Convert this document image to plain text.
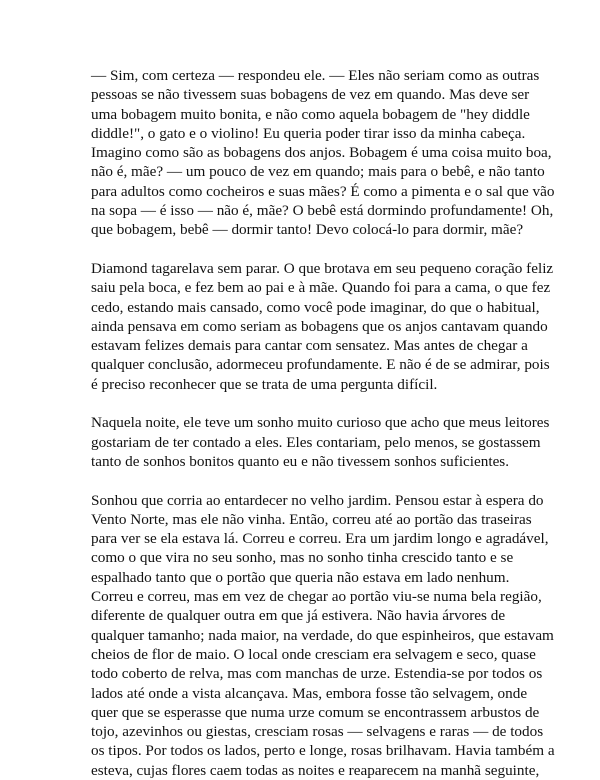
— Sim, com certeza — respondeu ele. — Eles não seriam como as outras
pessoas se não tivessem suas bobagens de vez em quando. Mas deve ser
uma bobagem muito bonita, e não como aquela bobagem de "hey diddle
diddle!", o gato e o violino! Eu queria poder tirar isso da minha cabeça.
Imagino como são as bobagens dos anjos. Bobagem é uma coisa muito boa,
não é, mãe? — um pouco de vez em quando; mais para o bebê, e não tanto
para adultos como cocheiros e suas mães? É como a pimenta e o sal que vão
na sopa — é isso — não é, mãe? O bebê está dormindo profundamente! Oh,
que bobagem, bebê — dormir tanto! Devo colocá-lo para dormir, mãe?

Diamond tagarelava sem parar. O que brotava em seu pequeno coração feliz
saiu pela boca, e fez bem ao pai e à mãe. Quando foi para a cama, o que fez
cedo, estando mais cansado, como você pode imaginar, do que o habitual,
ainda pensava em como seriam as bobagens que os anjos cantavam quando
estavam felizes demais para cantar com sensatez. Mas antes de chegar a
qualquer conclusão, adormeceu profundamente. E não é de se admirar, pois
é preciso reconhecer que se trata de uma pergunta difícil.

Naquela noite, ele teve um sonho muito curioso que acho que meus leitores
gostariam de ter contado a eles. Eles contariam, pelo menos, se gostassem
tanto de sonhos bonitos quanto eu e não tivessem sonhos suficientes.

Sonhou que corria ao entardecer no velho jardim. Pensou estar à espera do
Vento Norte, mas ele não vinha. Então, correu até ao portão das traseiras
para ver se ela estava lá. Correu e correu. Era um jardim longo e agradável,
como o que vira no seu sonho, mas no sonho tinha crescido tanto e se
espalhado tanto que o portão que queria não estava em lado nenhum.
Correu e correu, mas em vez de chegar ao portão viu-se numa bela região,
diferente de qualquer outra em que já estivera. Não havia árvores de
qualquer tamanho; nada maior, na verdade, do que espinheiros, que estavam
cheios de flor de maio. O local onde cresciam era selvagem e seco, quase
todo coberto de relva, mas com manchas de urze. Estendia-se por todos os
lados até onde a vista alcançava. Mas, embora fosse tão selvagem, onde
quer que se esperasse que numa urze comum se encontrassem arbustos de
tojo, azevinhos ou giestas, cresciam rosas — selvagens e raras — de todos
os tipos. Por todos os lados, perto e longe, rosas brilhavam. Havia também a
esteva, cujas flores caem todas as noites e reaparecem na manhã seguinte,
